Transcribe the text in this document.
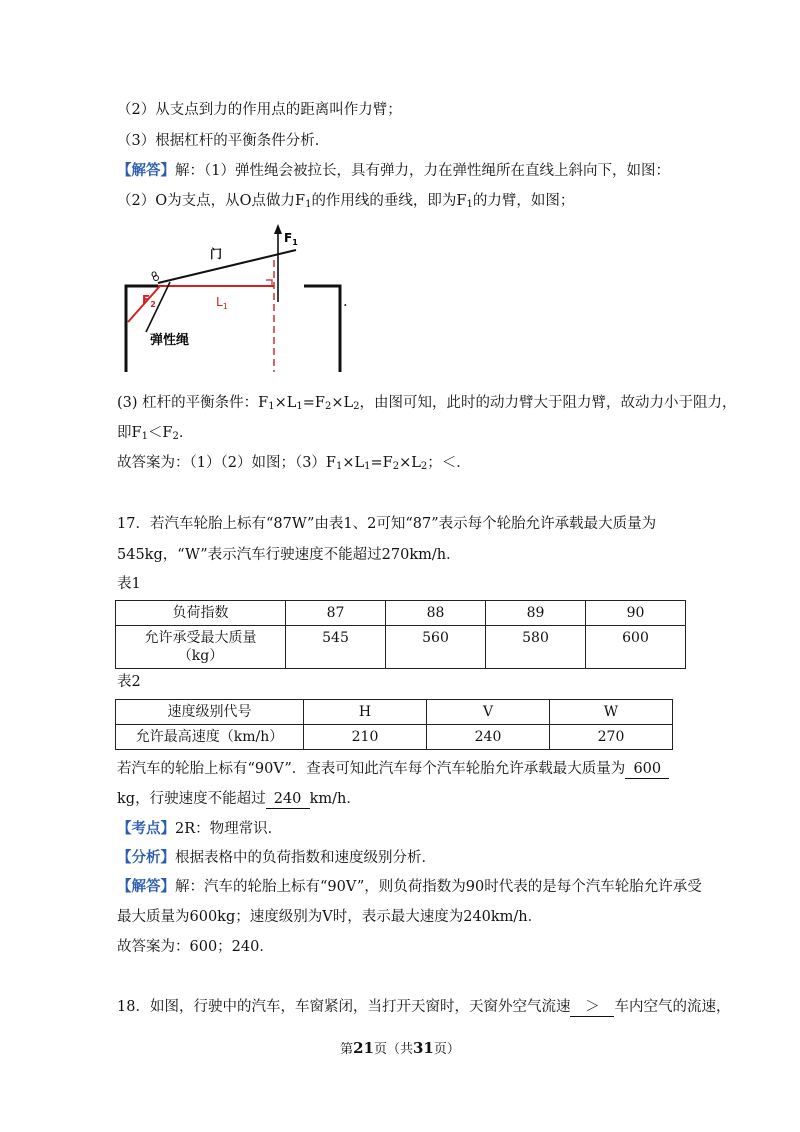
（2）从支点到力的作用点的距离叫作力臂；
（3）根据杠杆的平衡条件分析．
【解答】解：（1）弹性绳会被拉长，具有弹力，力在弹性绳所在直线上斜向下，如图：
（2）O为支点，从O点做力$F_1$的作用线的垂线，即为$F_1$的力臂，如图；
o
门
$F_1$
$F_2$	$L_1$
弹性绳
.
(3) 杠杆的平衡条件：$F_1\times L_1=F_2\times L_2$，由图可知，此时的动力臂大于阻力臂，故动力小于阻力，
即$F_1<F_2$．
故答案为：（1）（2）如图；$(3)F_1\times L_1=F_2\times L_2$；＜．
17．若汽车轮胎上标有“87W”由表1、2可知“87”表示每个轮胎允许承载最大质量为
545kg，“W”表示汽车行驶速度不能超过270km/h．
表1
负荷指数	87	88	89	90
允许承受最大质量
（kg）	545	560	580	600
表2
速度级别代号	H	V	W
允许最高速度（km/h）	210	240	270
若汽车的轮胎上标有“90V”．查表可知此汽车每个汽车轮胎允许承载最大质量为 600
kg，行驶速度不能超过 240 km/h．
【考点】2R：物理常识．
【分析】根据表格中的负荷指数和速度级别分析．
【解答】解：汽车的轮胎上标有“90V”，则负荷指数为90时代表的是每个汽车轮胎允许承受
最大质量为600kg；速度级别为V时，表示最大速度为240km/h．
故答案为：600；240．
18．如图，行驶中的汽车，车窗紧闭，当打开天窗时，天窗外空气流速 ＞ 车内空气的流速，
第21页（共31页）
